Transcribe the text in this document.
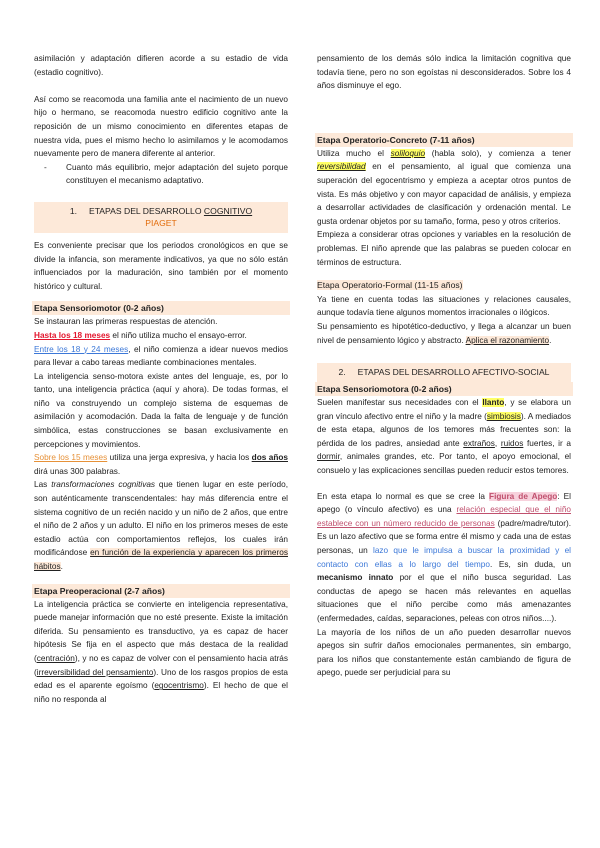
asimilación y adaptación difieren acorde a su estadio de vida (estadio cognitivo).

Así como se reacomoda una familia ante el nacimiento de un nuevo hijo o hermano, se reacomoda nuestro edificio cognitivo ante la reposición de un mismo conocimiento en diferentes etapas de nuestra vida, pues el mismo hecho lo asimilamos y le acomodamos nuevamente pero de manera diferente al anterior.

-	Cuanto más equilibrio, mejor adaptación del sujeto porque constituyen el mecanismo adaptativo.
1. ETAPAS DEL DESARROLLO COGNITIVO
PIAGET

Es conveniente precisar que los periodos cronológicos en que se divide la infancia, son meramente indicativos, ya que no sólo están influenciados por la maduración, sino también por el momento histórico y cultural.

Etapa Sensoriomotor (0-2 años)

Se instauran las primeras respuestas de atención.

Hasta los 18 meses el niño utiliza mucho el ensayo-error.

Entre los 18 y 24 meses, el niño comienza a idear nuevos medios para llevar a cabo tareas mediante combinaciones mentales.

La inteligencia senso-motora existe antes del lenguaje, es, por lo tanto, una inteligencia práctica (aquí y ahora). De todas formas, el niño va construyendo un complejo sistema de esquemas de asimilación y acomodación. Dada la falta de lenguaje y de función simbólica, estas construcciones se basan exclusivamente en percepciones y movimientos.

Sobre los 15 meses utiliza una jerga expresiva, y hacia los dos años dirá unas 300 palabras.

Las transformaciones cognitivas que tienen lugar en este período, son auténticamente transcendentales: hay más diferencia entre el sistema cognitivo de un recién nacido y un niño de 2 años, que entre el niño de 2 años y un adulto. El niño en los primeros meses de este estadio actúa con comportamientos reflejos, los cuales irán modificándose en función de la experiencia y aparecen los primeros hábitos.

Etapa Preoperacional (2-7 años)

La inteligencia práctica se convierte en inteligencia representativa, puede manejar información que no esté presente. Existe la imitación diferida. Su pensamiento es transductivo, ya es capaz de hacer hipótesis Se fija en el aspecto que más destaca de la realidad (centración), y no es capaz de volver con el pensamiento hacia atrás (irreversibilidad del pensamiento). Uno de los rasgos propios de esta edad es el aparente egoísmo (egocentrismo). El hecho de que el niño no responda al

pensamiento de los demás sólo indica la limitación cognitiva que todavía tiene, pero no son egoístas ni desconsiderados. Sobre los 4 años disminuye el ego.

Etapa Operatorio-Concreto (7-11 años)

Utiliza mucho el soliloquio (habla solo), y comienza a tener reversibilidad en el pensamiento, al igual que comienza una superación del egocentrismo y empieza a aceptar otros puntos de vista. Es más objetivo y con mayor capacidad de análisis, y empieza a desarrollar actividades de clasificación y ordenación mental. Le gusta ordenar objetos por su tamaño, forma, peso y otros criterios.

Empieza a considerar otras opciones y variables en la resolución de problemas. El niño aprende que las palabras se pueden colocar en términos de estructura.

Etapa Operatorio-Formal (11-15 años)

Ya tiene en cuenta todas las situaciones y relaciones causales, aunque todavía tiene algunos momentos irracionales o ilógicos.

Su pensamiento es hipotético-deductivo, y llega a alcanzar un buen nivel de pensamiento lógico y abstracto. Aplica el razonamiento.

2. ETAPAS DEL DESARROLLO AFECTIVO-SOCIAL
Etapa Sensoriomotora (0-2 años)

Suelen manifestar sus necesidades con el llanto, y se elabora un gran vínculo afectivo entre el niño y la madre (simbiosis). A mediados de esta etapa, algunos de los temores más frecuentes son: la pérdida de los padres, ansiedad ante extraños, ruidos fuertes, ir a dormir, animales grandes, etc. Por tanto, el apoyo emocional, el consuelo y las explicaciones sencillas pueden reducir estos temores.

En esta etapa lo normal es que se cree la Figura de Apego: El apego (o vínculo afectivo) es una relación especial que el niño establece con un número reducido de personas (padre/madre/tutor). Es un lazo afectivo que se forma entre él mismo y cada una de estas personas, un lazo que le impulsa a buscar la proximidad y el contacto con ellas a lo largo del tiempo. Es, sin duda, un mecanismo innato por el que el niño busca seguridad. Las conductas de apego se hacen más relevantes en aquellas situaciones que el niño percibe como más amenazantes (enfermedades, caídas, separaciones, peleas con otros niños....).

La mayoría de los niños de un año pueden desarrollar nuevos apegos sin sufrir daños emocionales permanentes, sin embargo, para los niños que constantemente están cambiando de figura de apego, puede ser perjudicial para su
